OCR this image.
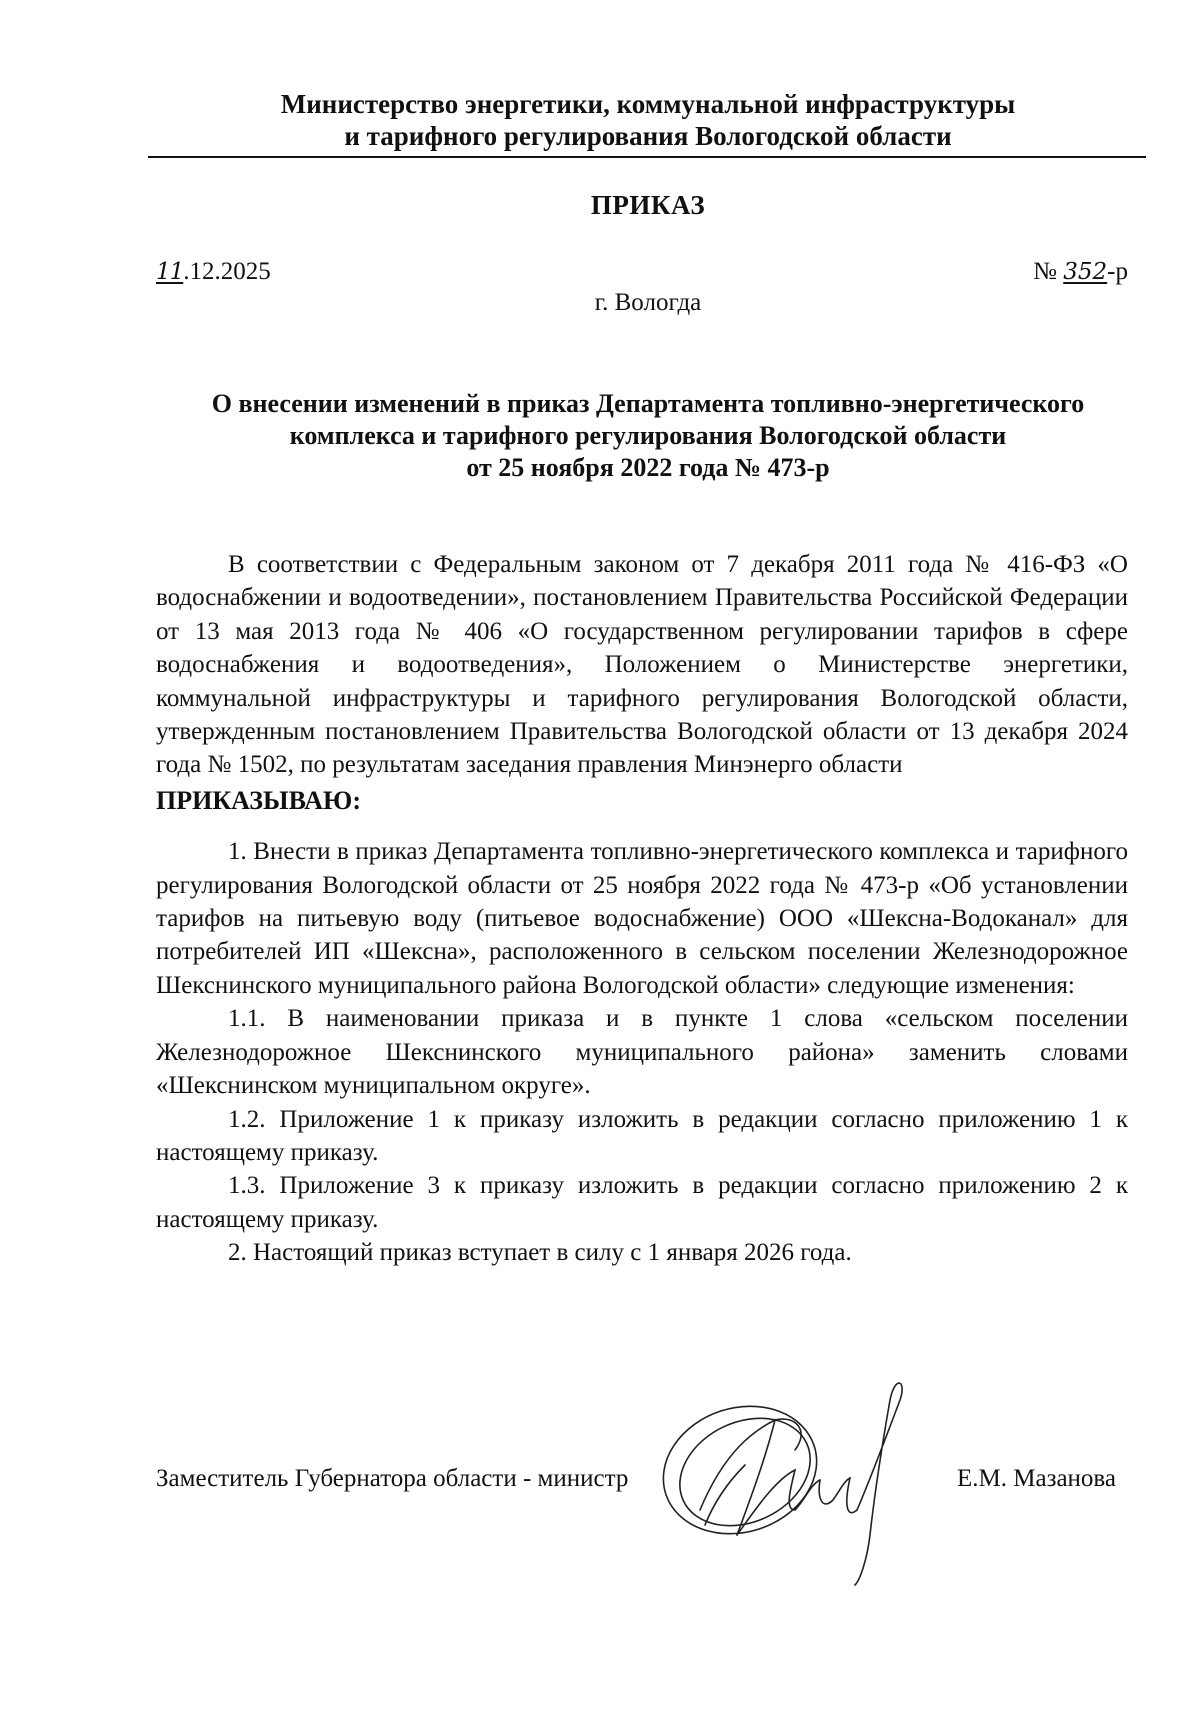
Министерство энергетики, коммунальной инфраструктуры
и тарифного регулирования Вологодской области
ПРИКАЗ
11.12.2025	№ 352-р
г. Вологда
О внесении изменений в приказ Департамента топливно-энергетического
комплекса и тарифного регулирования Вологодской области
от 25 ноября 2022 года № 473-р

В соответствии с Федеральным законом от 7 декабря 2011 года № 416-ФЗ «О водоснабжении и водоотведении», постановлением Правительства Российской Федерации от 13 мая 2013 года № 406 «О государственном регулировании тарифов в сфере водоснабжения и водоотведения», Положением о Министерстве энергетики, коммунальной инфраструктуры и тарифного регулирования Вологодской области, утвержденным постановлением Правительства Вологодской области от 13 декабря 2024 года № 1502, по результатам заседания правления Минэнерго области

ПРИКАЗЫВАЮ:

1. Внести в приказ Департамента топливно-энергетического комплекса и тарифного регулирования Вологодской области от 25 ноября 2022 года № 473-р «Об установлении тарифов на питьевую воду (питьевое водоснабжение) ООО «Шексна-Водоканал» для потребителей ИП «Шексна», расположенного в сельском поселении Железнодорожное Шекснинского муниципального района Вологодской области» следующие изменения:

1.1. В наименовании приказа и в пункте 1 слова «сельском поселении Железнодорожное Шекснинского муниципального района» заменить словами «Шекснинском муниципальном округе».

1.2. Приложение 1 к приказу изложить в редакции согласно приложению 1 к настоящему приказу.

1.3. Приложение 3 к приказу изложить в редакции согласно приложению 2 к настоящему приказу.

2. Настоящий приказ вступает в силу с 1 января 2026 года.

Заместитель Губернатора области - министр	Е.М. Мазанова
